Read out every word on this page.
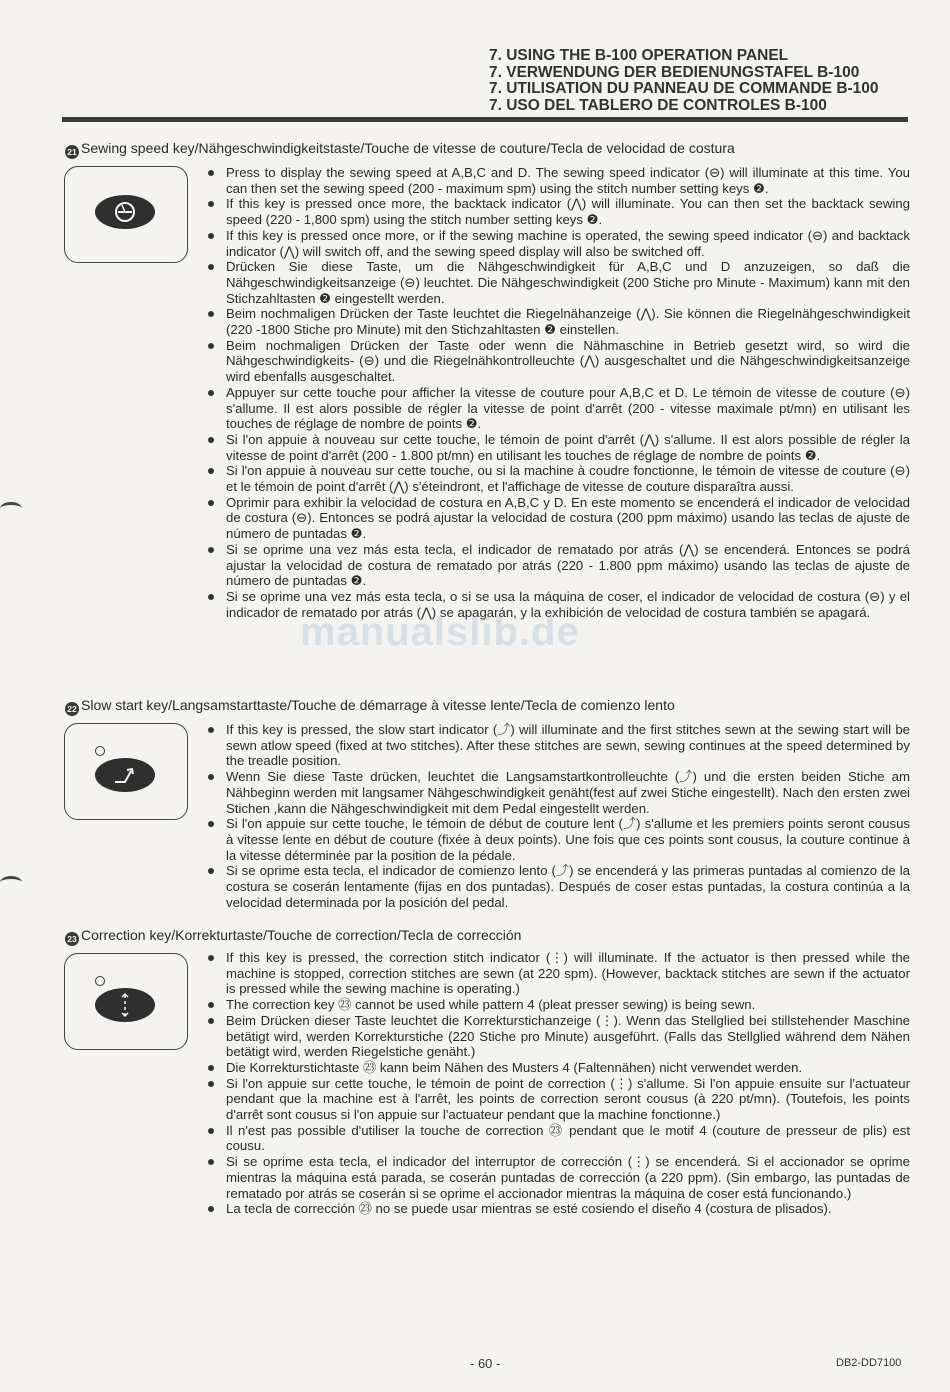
7. USING THE B-100 OPERATION PANEL
7. VERWENDUNG DER BEDIENUNGSTAFEL B-100
7. UTILISATION DU PANNEAU DE COMMANDE B-100
7. USO DEL TABLERO DE CONTROLES B-100
21 Sewing speed key/Nähgeschwindigkeitstaste/Touche de vitesse de couture/Tecla de velocidad de costura
Press to display the sewing speed at A,B,C and D. The sewing speed indicator (⊖) will illuminate at this time. You can then set the sewing speed (200 - maximum spm) using the stitch number setting keys ❷.
If this key is pressed once more, the backtack indicator (⋀) will illuminate. You can then set the backtack sewing speed (220 - 1,800 spm) using the stitch number setting keys ❷.
If this key is pressed once more, or if the sewing machine is operated, the sewing speed indicator (⊖) and backtack indicator (⋀) will switch off, and the sewing speed display will also be switched off.
Drücken Sie diese Taste, um die Nähgeschwindigkeit für A,B,C und D anzuzeigen, so daß die Nähgeschwindigkeitsanzeige (⊖) leuchtet. Die Nähgeschwindigkeit (200 Stiche pro Minute - Maximum) kann mit den Stichzahltasten ❷ eingestellt werden.
Beim nochmaligen Drücken der Taste leuchtet die Riegelnähanzeige (⋀). Sie können die Riegelnähgeschwindigkeit (220 -1800 Stiche pro Minute) mit den Stichzahltasten ❷ einstellen.
Beim nochmaligen Drücken der Taste oder wenn die Nähmaschine in Betrieb gesetzt wird, so wird die Nähgeschwindigkeits- (⊖) und die Riegelnähkontrolleuchte (⋀) ausgeschaltet und die Nähgeschwindigkeitsanzeige wird ebenfalls ausgeschaltet.
Appuyer sur cette touche pour afficher la vitesse de couture pour A,B,C et D. Le témoin de vitesse de couture (⊖) s'allume. Il est alors possible de régler la vitesse de point d'arrêt (200 - vitesse maximale pt/mn) en utilisant les touches de réglage de nombre de points ❷.
Si l'on appuie à nouveau sur cette touche, le témoin de point d'arrêt (⋀) s'allume. Il est alors possible de régler la vitesse de point d'arrêt (200 - 1.800 pt/mn) en utilisant les touches de réglage de nombre de points ❷.
Si l'on appuie à nouveau sur cette touche, ou si la machine à coudre fonctionne, le témoin de vitesse de couture (⊖) et le témoin de point d'arrêt (⋀) s'éteindront, et l'affichage de vitesse de couture disparaîtra aussi.
Oprimir para exhibir la velocidad de costura en A,B,C y D. En este momento se encenderá el indicador de velocidad de costura (⊖). Entonces se podrá ajustar la velocidad de costura (200 ppm máximo) usando las teclas de ajuste de número de puntadas ❷.
Si se oprime una vez más esta tecla, el indicador de rematado por atrás (⋀) se encenderá. Entonces se podrá ajustar la velocidad de costura de rematado por atrás (220 - 1.800 ppm máximo) usando las teclas de ajuste de número de puntadas ❷.
Si se oprime una vez más esta tecla, o si se usa la máquina de coser, el indicador de velocidad de costura (⊖) y el indicador de rematado por atrás (⋀) se apagarán, y la exhibición de velocidad de costura también se apagará.
22 Slow start key/Langsamstarttaste/Touche de démarrage à vitesse lente/Tecla de comienzo lento
If this key is pressed, the slow start indicator (⤴) will illuminate and the first stitches sewn at the sewing start will be sewn atlow speed (fixed at two stitches). After these stitches are sewn, sewing continues at the speed determined by the treadle position.
Wenn Sie diese Taste drücken, leuchtet die Langsamstartkontrolleuchte (⤴) und die ersten beiden Stiche am Nähbeginn werden mit langsamer Nähgeschwindigkeit genäht(fest auf zwei Stiche eingestellt). Nach den ersten zwei Stichen ,kann die Nähgeschwindigkeit mit dem Pedal eingestellt werden.
Si l'on appuie sur cette touche, le témoin de début de couture lent (⤴) s'allume et les premiers points seront cousus à vitesse lente en début de couture (fixée à deux points). Une fois que ces points sont cousus, la couture continue à la vitesse déterminée par la position de la pédale.
Si se oprime esta tecla, el indicador de comienzo lento (⤴) se encenderá y las primeras puntadas al comienzo de la costura se coserán lentamente (fijas en dos puntadas). Después de coser estas puntadas, la costura continúa a la velocidad determinada por la posición del pedal.
23 Correction key/Korrekturtaste/Touche de correction/Tecla de corrección
If this key is pressed, the correction stitch indicator (⋮) will illuminate. If the actuator is then pressed while the machine is stopped, correction stitches are sewn (at 220 spm). (However, backtack stitches are sewn if the actuator is pressed while the sewing machine is operating.)
The correction key ㉓ cannot be used while pattern 4 (pleat presser sewing) is being sewn.
Beim Drücken dieser Taste leuchtet die Korrekturstichanzeige (⋮). Wenn das Stellglied bei stillstehender Maschine betätigt wird, werden Korrekturstiche (220 Stiche pro Minute) ausgeführt. (Falls das Stellglied während dem Nähen betätigt wird, werden Riegelstiche genäht.)
Die Korrekturstichtaste ㉓ kann beim Nähen des Musters 4 (Faltennähen) nicht verwendet werden.
Si l'on appuie sur cette touche, le témoin de point de correction (⋮) s'allume. Si l'on appuie ensuite sur l'actuateur pendant que la machine est à l'arrêt, les points de correction seront cousus (à 220 pt/mn). (Toutefois, les points d'arrêt sont cousus si l'on appuie sur l'actuateur pendant que la machine fonctionne.)
Il n'est pas possible d'utiliser la touche de correction ㉓ pendant que le motif 4 (couture de presseur de plis) est cousu.
Si se oprime esta tecla, el indicador del interruptor de corrección (⋮) se encenderá. Si el accionador se oprime mientras la máquina está parada, se coserán puntadas de corrección (a 220 ppm). (Sin embargo, las puntadas de rematado por atrás se coserán si se oprime el accionador mientras la máquina de coser está funcionando.)
La tecla de corrección ㉓ no se puede usar mientras se esté cosiendo el diseño 4 (costura de plisados).
manualslib.de
- 60 -	DB2-DD7100
